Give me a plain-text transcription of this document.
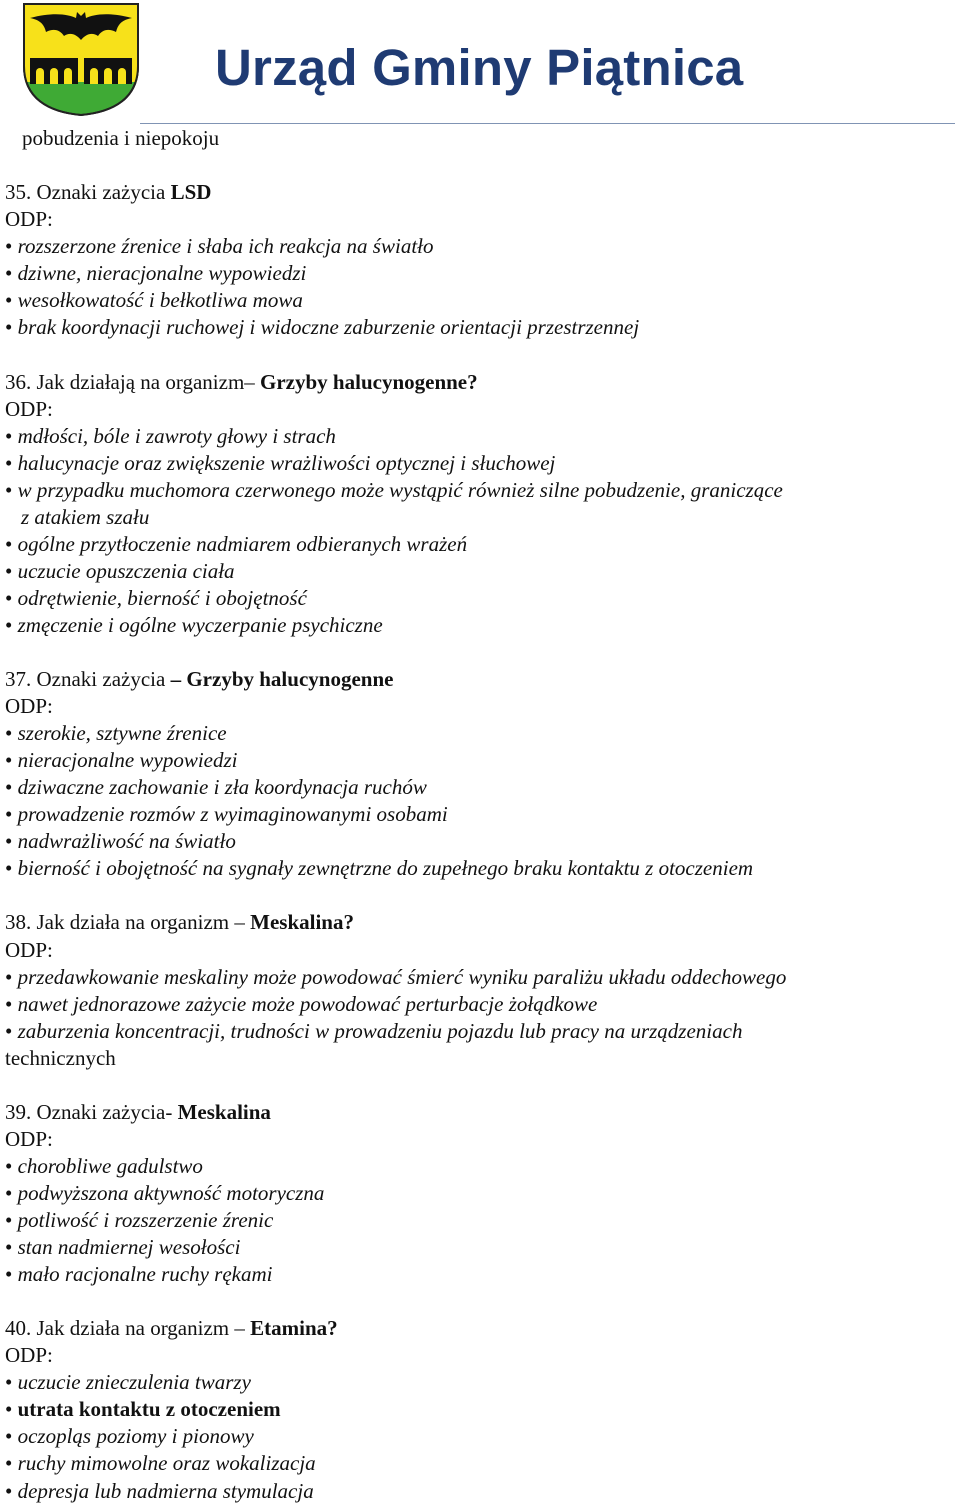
Urząd Gminy Piątnica
pobudzenia i niepokoju
35. Oznaki zażycia LSD
ODP:
• rozszerzone źrenice i słaba ich reakcja na światło
• dziwne, nieracjonalne wypowiedzi
• wesołkowatość i bełkotliwa mowa
• brak koordynacji ruchowej i widoczne zaburzenie orientacji przestrzennej
36. Jak działają na organizm– Grzyby halucynogenne?
ODP:
• mdłości, bóle i zawroty głowy i strach
• halucynacje oraz zwiększenie wrażliwości optycznej i słuchowej
• w przypadku muchomora czerwonego może wystąpić również silne pobudzenie, graniczące
z atakiem szału
• ogólne przytłoczenie nadmiarem odbieranych wrażeń
• uczucie opuszczenia ciała
• odrętwienie, bierność i obojętność
• zmęczenie i ogólne wyczerpanie psychiczne
37. Oznaki zażycia – Grzyby halucynogenne
ODP:
• szerokie, sztywne źrenice
• nieracjonalne wypowiedzi
• dziwaczne zachowanie i zła koordynacja ruchów
• prowadzenie rozmów z wyimaginowanymi osobami
• nadwrażliwość na światło
• bierność i obojętność na sygnały zewnętrzne do zupełnego braku kontaktu z otoczeniem
38. Jak działa na organizm – Meskalina?
ODP:
• przedawkowanie meskaliny może powodować śmierć wyniku paraliżu układu oddechowego
• nawet jednorazowe zażycie może powodować perturbacje żołądkowe
• zaburzenia koncentracji, trudności w prowadzeniu pojazdu lub pracy na urządzeniach
technicznych
39. Oznaki zażycia- Meskalina
ODP:
• chorobliwe gadulstwo
• podwyższona aktywność motoryczna
• potliwość i rozszerzenie źrenic
• stan nadmiernej wesołości
• mało racjonalne ruchy rękami
40. Jak działa na organizm – Etamina?
ODP:
• uczucie znieczulenia twarzy
• utrata kontaktu z otoczeniem
• oczopląs poziomy i pionowy
• ruchy mimowolne oraz wokalizacja
• depresja lub nadmierna stymulacja
